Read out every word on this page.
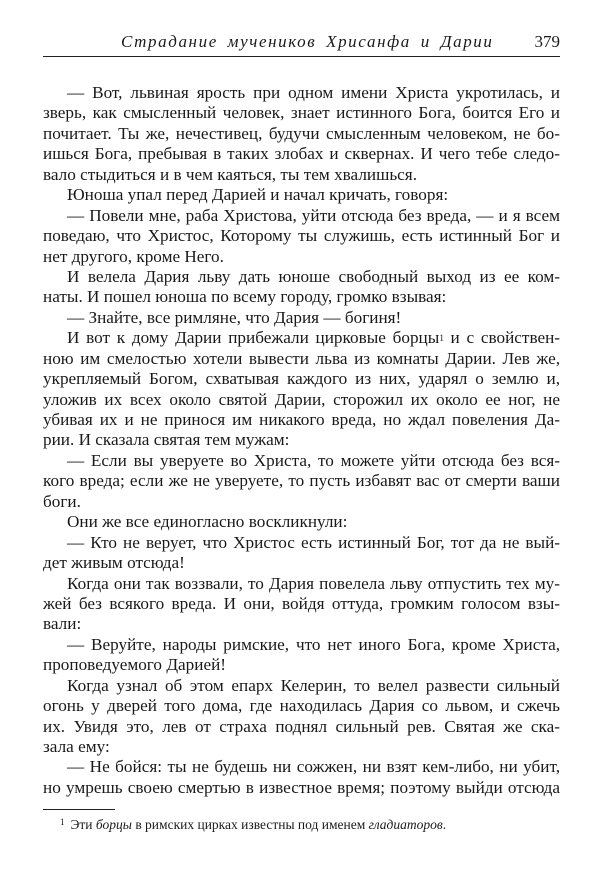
Страдание мучеников Хрисанфа и Дарии 379
— Вот, львиная ярость при одном имени Христа укротилась, и
зверь, как смысленный человек, знает истинного Бога, боится Его и
почитает. Ты же, нечестивец, будучи смысленным человеком, не бо-
ишься Бога, пребывая в таких злобах и сквернах. И чего тебе следо-
вало стыдиться и в чем каяться, ты тем хвалишься.
Юноша упал перед Дарией и начал кричать, говоря:
— Повели мне, раба Христова, уйти отсюда без вреда, — и я всем
поведаю, что Христос, Которому ты служишь, есть истинный Бог и
нет другого, кроме Него.
И велела Дария льву дать юноше свободный выход из ее ком-
наты. И пошел юноша по всему городу, громко взывая:
— Знайте, все римляне, что Дария — богиня!
И вот к дому Дарии прибежали цирковые борцы$^1$ и с свойствен-
ною им смелостью хотели вывести льва из комнаты Дарии. Лев же,
укрепляемый Богом, схватывая каждого из них, ударял о землю и,
уложив их всех около святой Дарии, сторожил их около ее ног, не
убивая их и не принося им никакого вреда, но ждал повеления Да-
рии. И сказала святая тем мужам:
— Если вы уверуете во Христа, то можете уйти отсюда без вся-
кого вреда; если же не уверуете, то пусть избавят вас от смерти ваши
боги.
Они же все единогласно воскликнули:
— Кто не верует, что Христос есть истинный Бог, тот да не вый-
дет живым отсюда!
Когда они так воззвали, то Дария повелела льву отпустить тех му-
жей без всякого вреда. И они, войдя оттуда, громким голосом взы-
вали:
— Веруйте, народы римские, что нет иного Бога, кроме Христа,
проповедуемого Дарией!
Когда узнал об этом епарх Келерин, то велел развести сильный
огонь у дверей того дома, где находилась Дария со львом, и сжечь
их. Увидя это, лев от страха поднял сильный рев. Святая же ска-
зала ему:
— Не бойся: ты не будешь ни сожжен, ни взят кем-либо, ни убит,
но умрешь своею смертью в известное время; поэтому выйди отсюда
$^1$ Эти борцы в римских цирках известны под именем гладиаторов.
